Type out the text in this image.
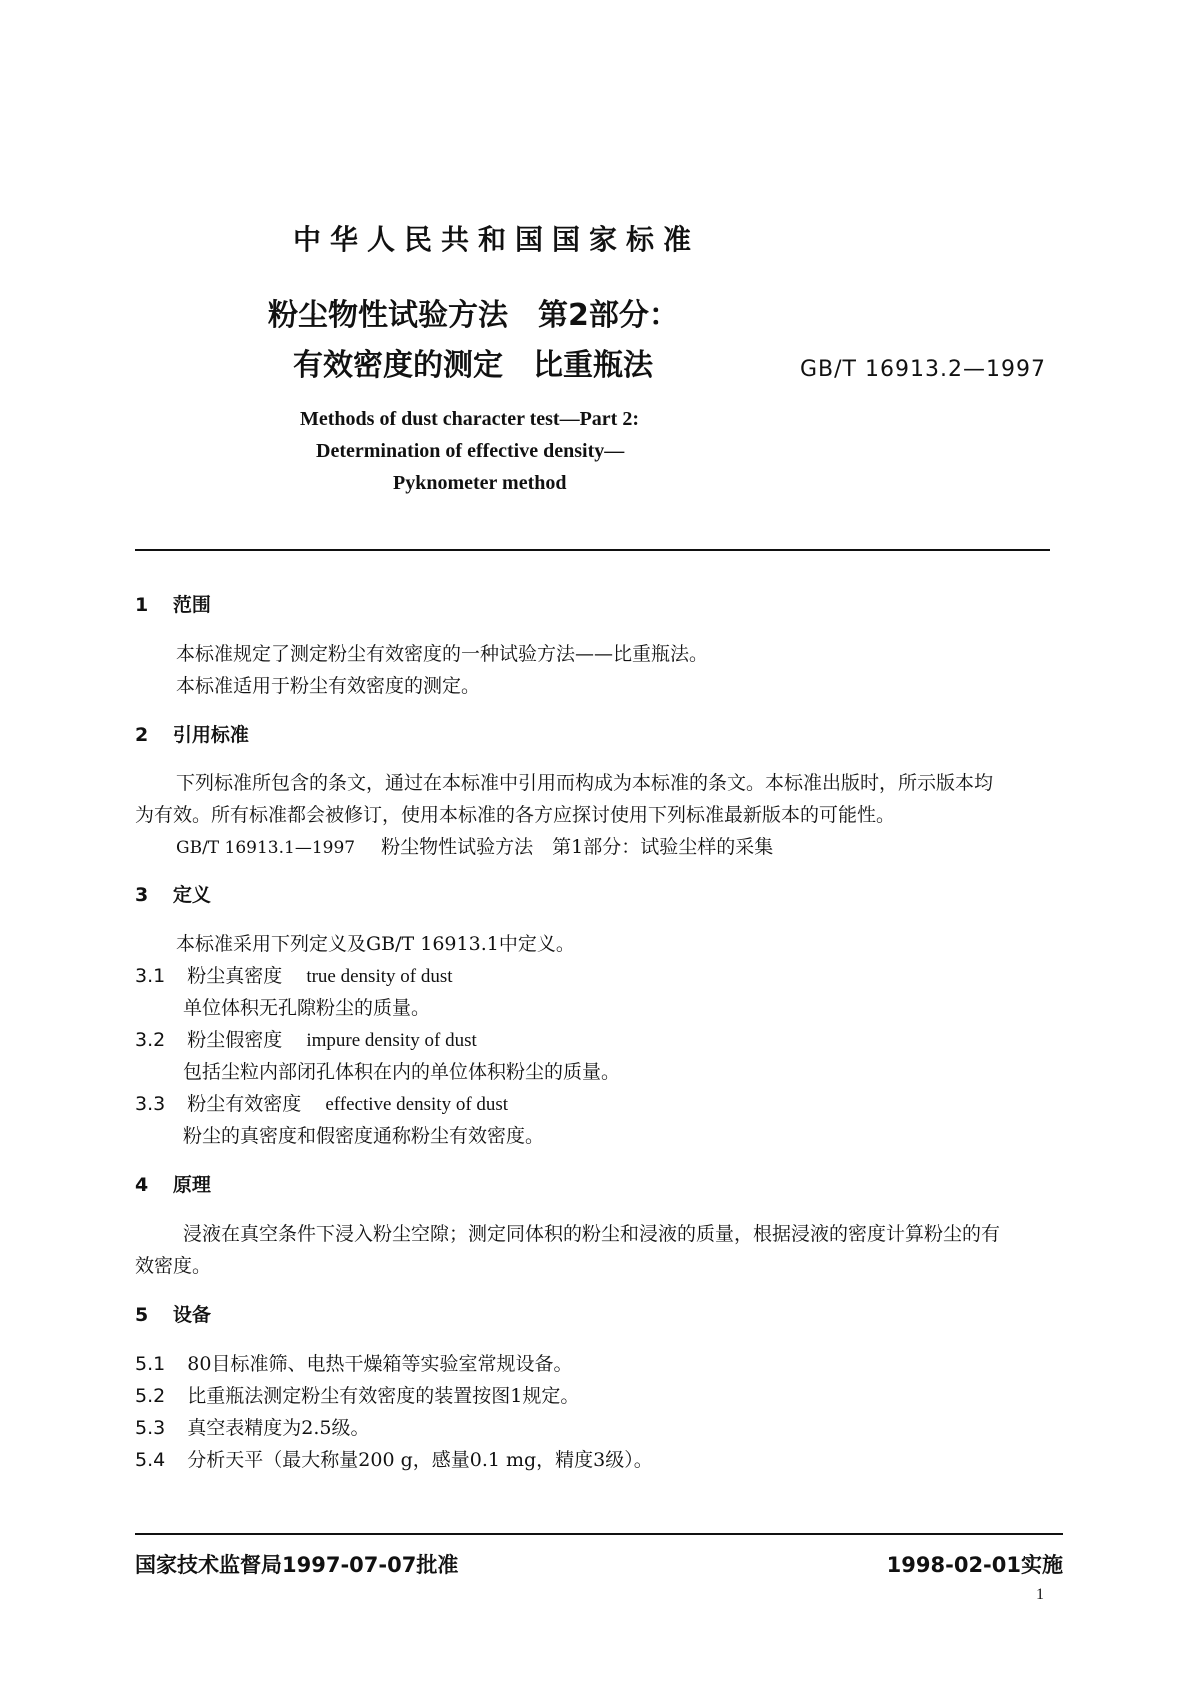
中华人民共和国国家标准
粉尘物性试验方法　第2部分：
有效密度的测定　比重瓶法	GB/T 16913.2—1997
Methods of dust character test—Part 2:
Determination of effective density—
Pyknometer method
1 范围
本标准规定了测定粉尘有效密度的一种试验方法——比重瓶法。
本标准适用于粉尘有效密度的测定。
2 引用标准
下列标准所包含的条文，通过在本标准中引用而构成为本标准的条文。本标准出版时，所示版本均
为有效。所有标准都会被修订，使用本标准的各方应探讨使用下列标准最新版本的可能性。
GB/T 16913.1—1997 粉尘物性试验方法　第1部分：试验尘样的采集
3 定义
本标准采用下列定义及GB/T 16913.1中定义。
3.1 粉尘真密度 true density of dust
单位体积无孔隙粉尘的质量。
3.2 粉尘假密度 impure density of dust
包括尘粒内部闭孔体积在内的单位体积粉尘的质量。
3.3 粉尘有效密度 effective density of dust
粉尘的真密度和假密度通称粉尘有效密度。
4 原理
浸液在真空条件下浸入粉尘空隙；测定同体积的粉尘和浸液的质量，根据浸液的密度计算粉尘的有
效密度。
5 设备
5.1 80目标准筛、电热干燥箱等实验室常规设备。
5.2 比重瓶法测定粉尘有效密度的装置按图1规定。
5.3 真空表精度为2.5级。
5.4 分析天平（最大称量200 g，感量0.1 mg，精度3级）。
国家技术监督局1997-07-07批准	1998-02-01实施
1
